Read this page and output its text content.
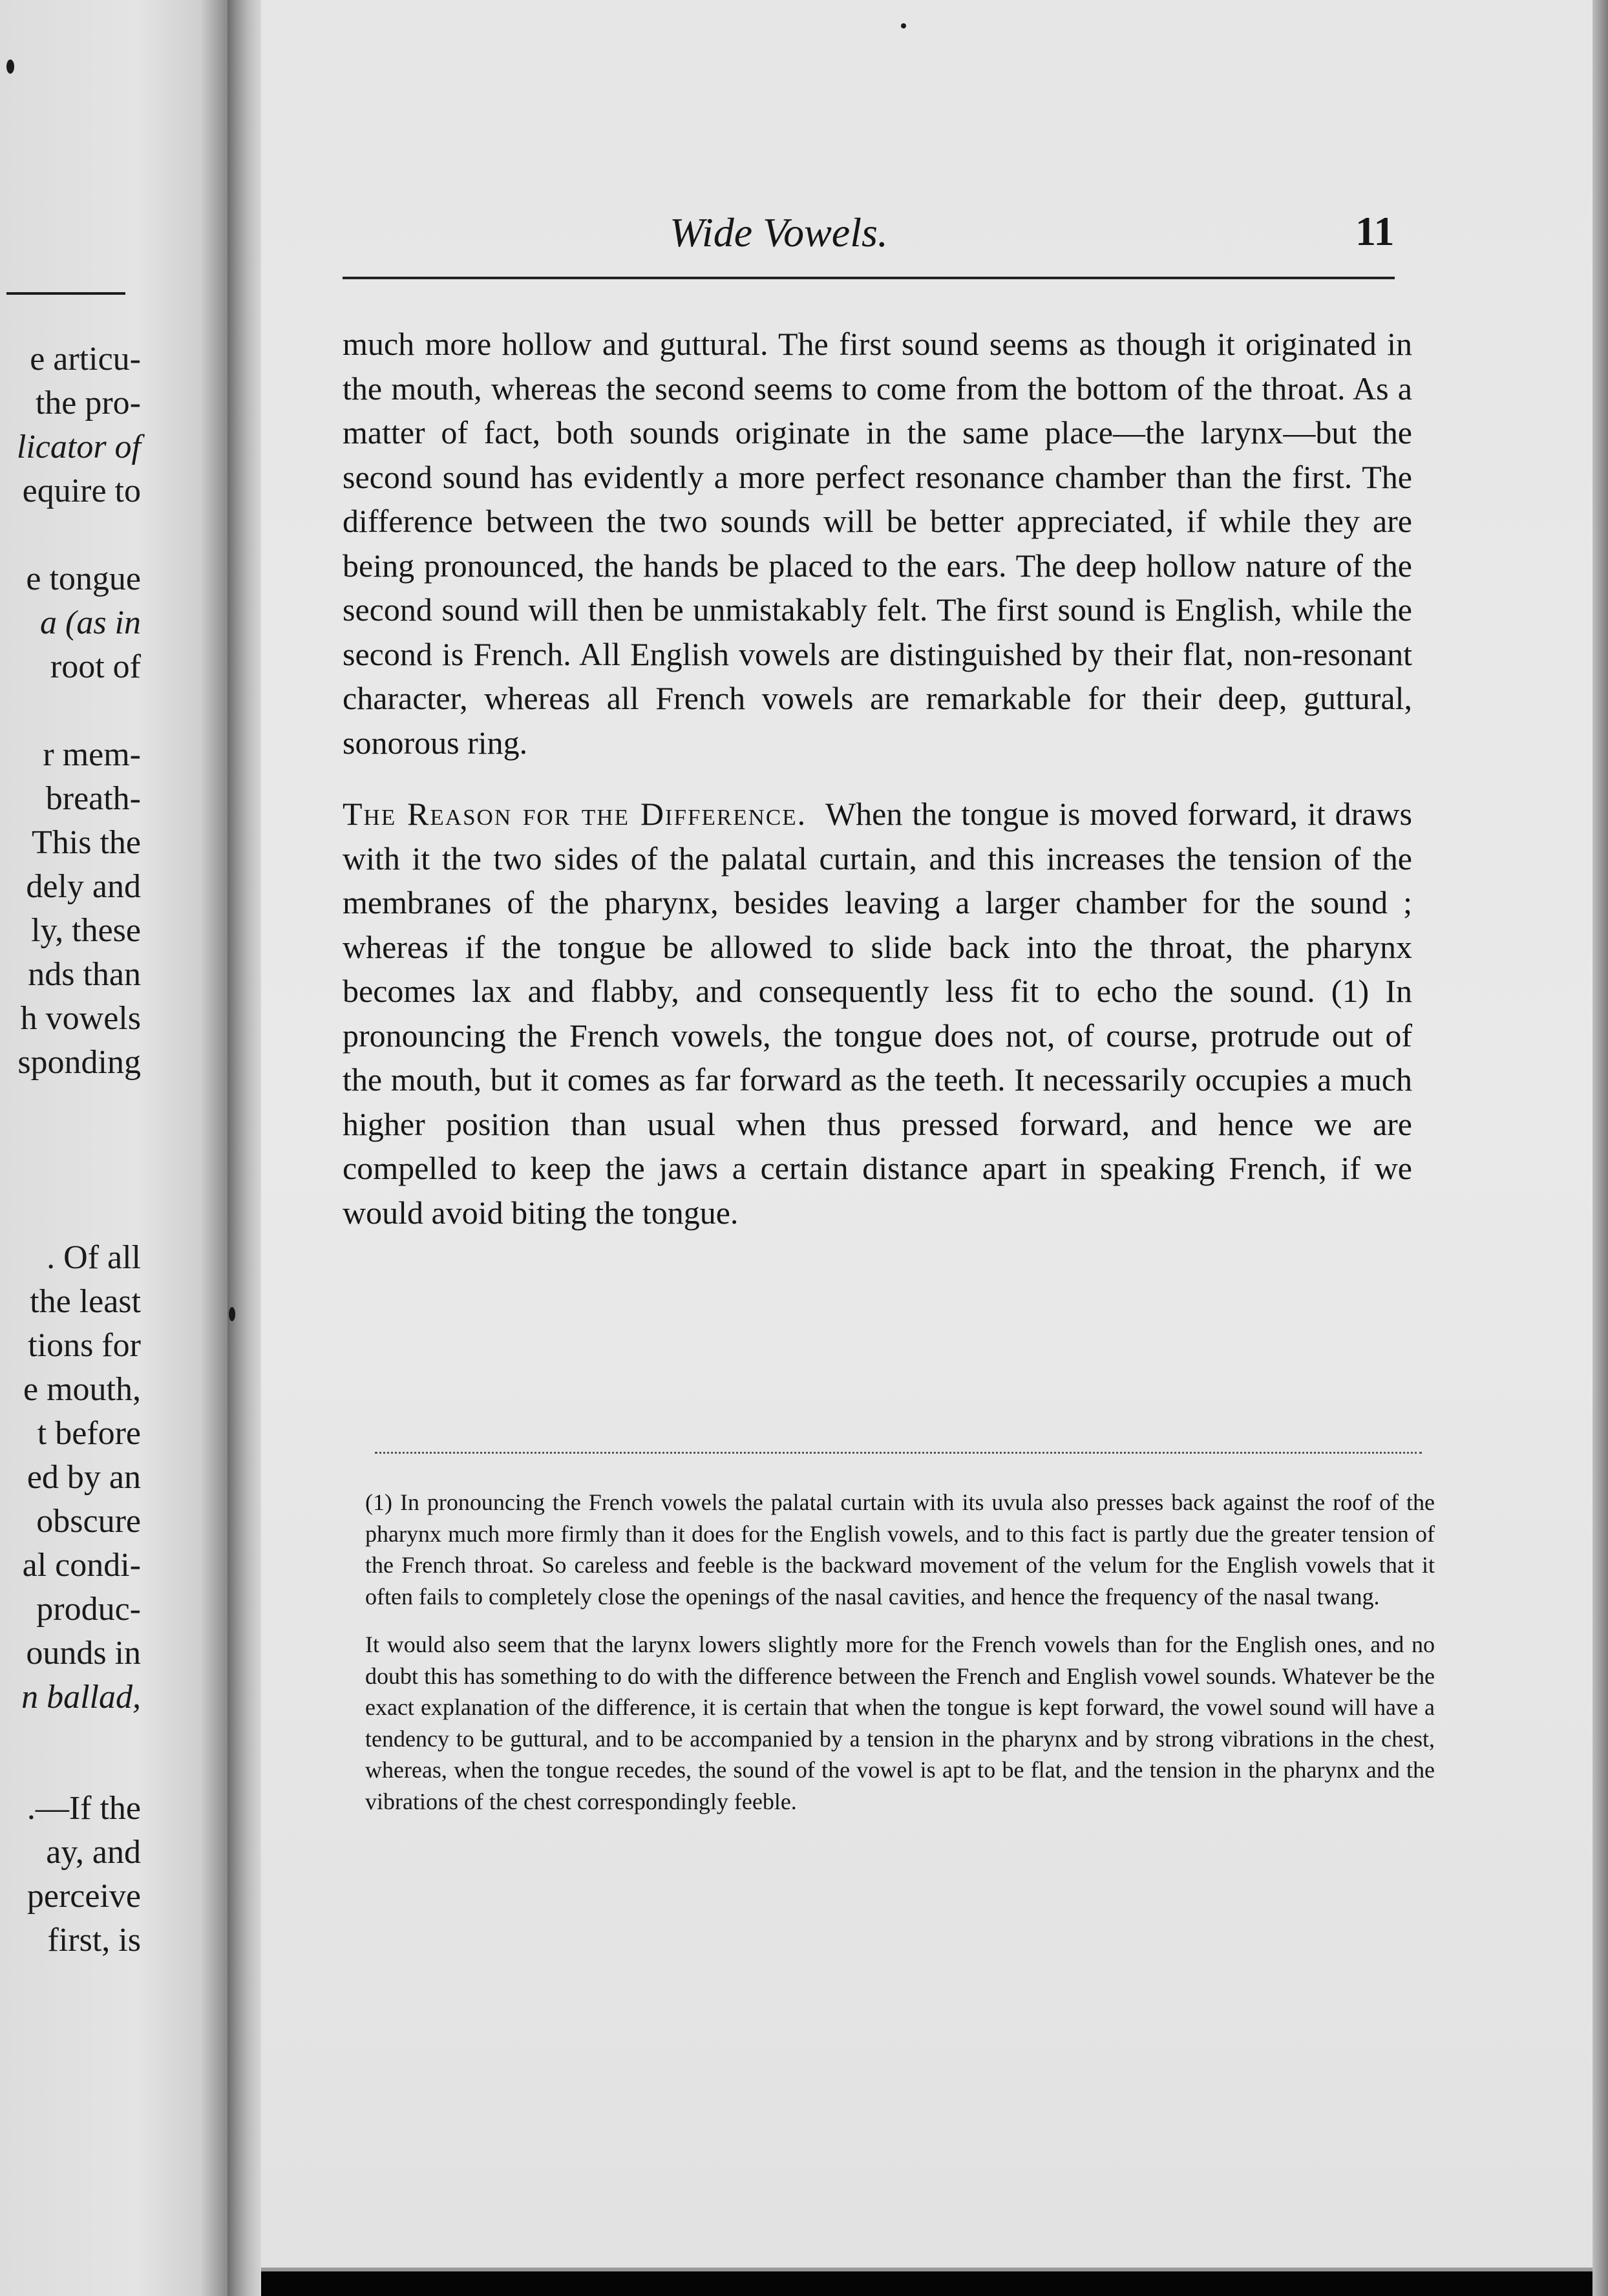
e articu-
the pro-
licator of
equire to
e tongue
a (as in
root of
r mem-
breath-
This the
dely and
ly, these
nds than
h vowels
sponding
. Of all
the least
tions for
e mouth,
t before
ed by an
obscure
al condi-
produc-
ounds in
n ballad,
.—If the
ay, and
perceive
first, is
Wide Vowels.	11

much more hollow and guttural. The first sound seems as though it originated in the mouth, whereas the second seems to come from the bottom of the throat. As a matter of fact, both sounds originate in the same place—the larynx—but the second sound has evidently a more perfect resonance chamber than the first. The difference between the two sounds will be better appreciated, if while they are being pronounced, the hands be placed to the ears. The deep hollow nature of the second sound will then be unmistakably felt. The first sound is English, while the second is French. All English vowels are distinguished by their flat, non-resonant character, whereas all French vowels are remarkable for their deep, guttural, sonorous ring.

The Reason for the Difference. When the tongue is moved forward, it draws with it the two sides of the palatal curtain, and this increases the tension of the membranes of the pharynx, besides leaving a larger chamber for the sound ; whereas if the tongue be allowed to slide back into the throat, the pharynx becomes lax and flabby, and consequently less fit to echo the sound. (1) In pronouncing the French vowels, the tongue does not, of course, protrude out of the mouth, but it comes as far forward as the teeth. It necessarily occupies a much higher position than usual when thus pressed forward, and hence we are compelled to keep the jaws a certain distance apart in speaking French, if we would avoid biting the tongue.

(1) In pronouncing the French vowels the palatal curtain with its uvula also presses back against the roof of the pharynx much more firmly than it does for the English vowels, and to this fact is partly due the greater tension of the French throat. So careless and feeble is the backward movement of the velum for the English vowels that it often fails to completely close the openings of the nasal cavities, and hence the frequency of the nasal twang.

It would also seem that the larynx lowers slightly more for the French vowels than for the English ones, and no doubt this has something to do with the difference between the French and English vowel sounds. Whatever be the exact explanation of the difference, it is certain that when the tongue is kept forward, the vowel sound will have a tendency to be guttural, and to be accompanied by a tension in the pharynx and by strong vibrations in the chest, whereas, when the tongue recedes, the sound of the vowel is apt to be flat, and the tension in the pharynx and the vibrations of the chest correspondingly feeble.
